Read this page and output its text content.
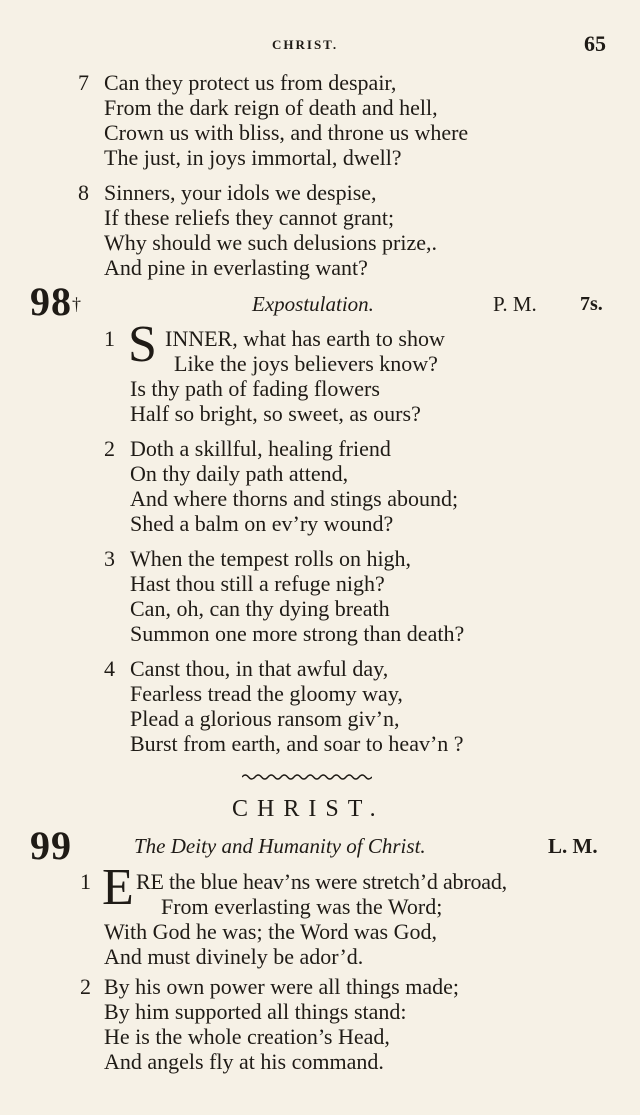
CHRIST.	65
7 Can they protect us from despair,
From the dark reign of death and hell,
Crown us with bliss, and throne us where
The just, in joys immortal, dwell?
8 Sinners, your idols we despise,
If these reliefs they cannot grant;
Why should we such delusions prize,.
And pine in everlasting want?
98†	Expostulation.	P. M. 7s.
1 S INNER, what has earth to show
Like the joys believers know?
Is thy path of fading flowers
Half so bright, so sweet, as ours?
2 Doth a skillful, healing friend
On thy daily path attend,
And where thorns and stings abound;
Shed a balm on ev’ry wound?
3 When the tempest rolls on high,
Hast thou still a refuge nigh?
Can, oh, can thy dying breath
Summon one more strong than death?
4 Canst thou, in that awful day,
Fearless tread the gloomy way,
Plead a glorious ransom giv’n,
Burst from earth, and soar to heav’n ?
CHRIST.
99	The Deity and Humanity of Christ.	L. M.
1 E RE the blue heav’ns were stretch’d abroad,
From everlasting was the Word;
With God he was; the Word was God,
And must divinely be ador’d.
2 By his own power were all things made;
By him supported all things stand:
He is the whole creation’s Head,
And angels fly at his command.
